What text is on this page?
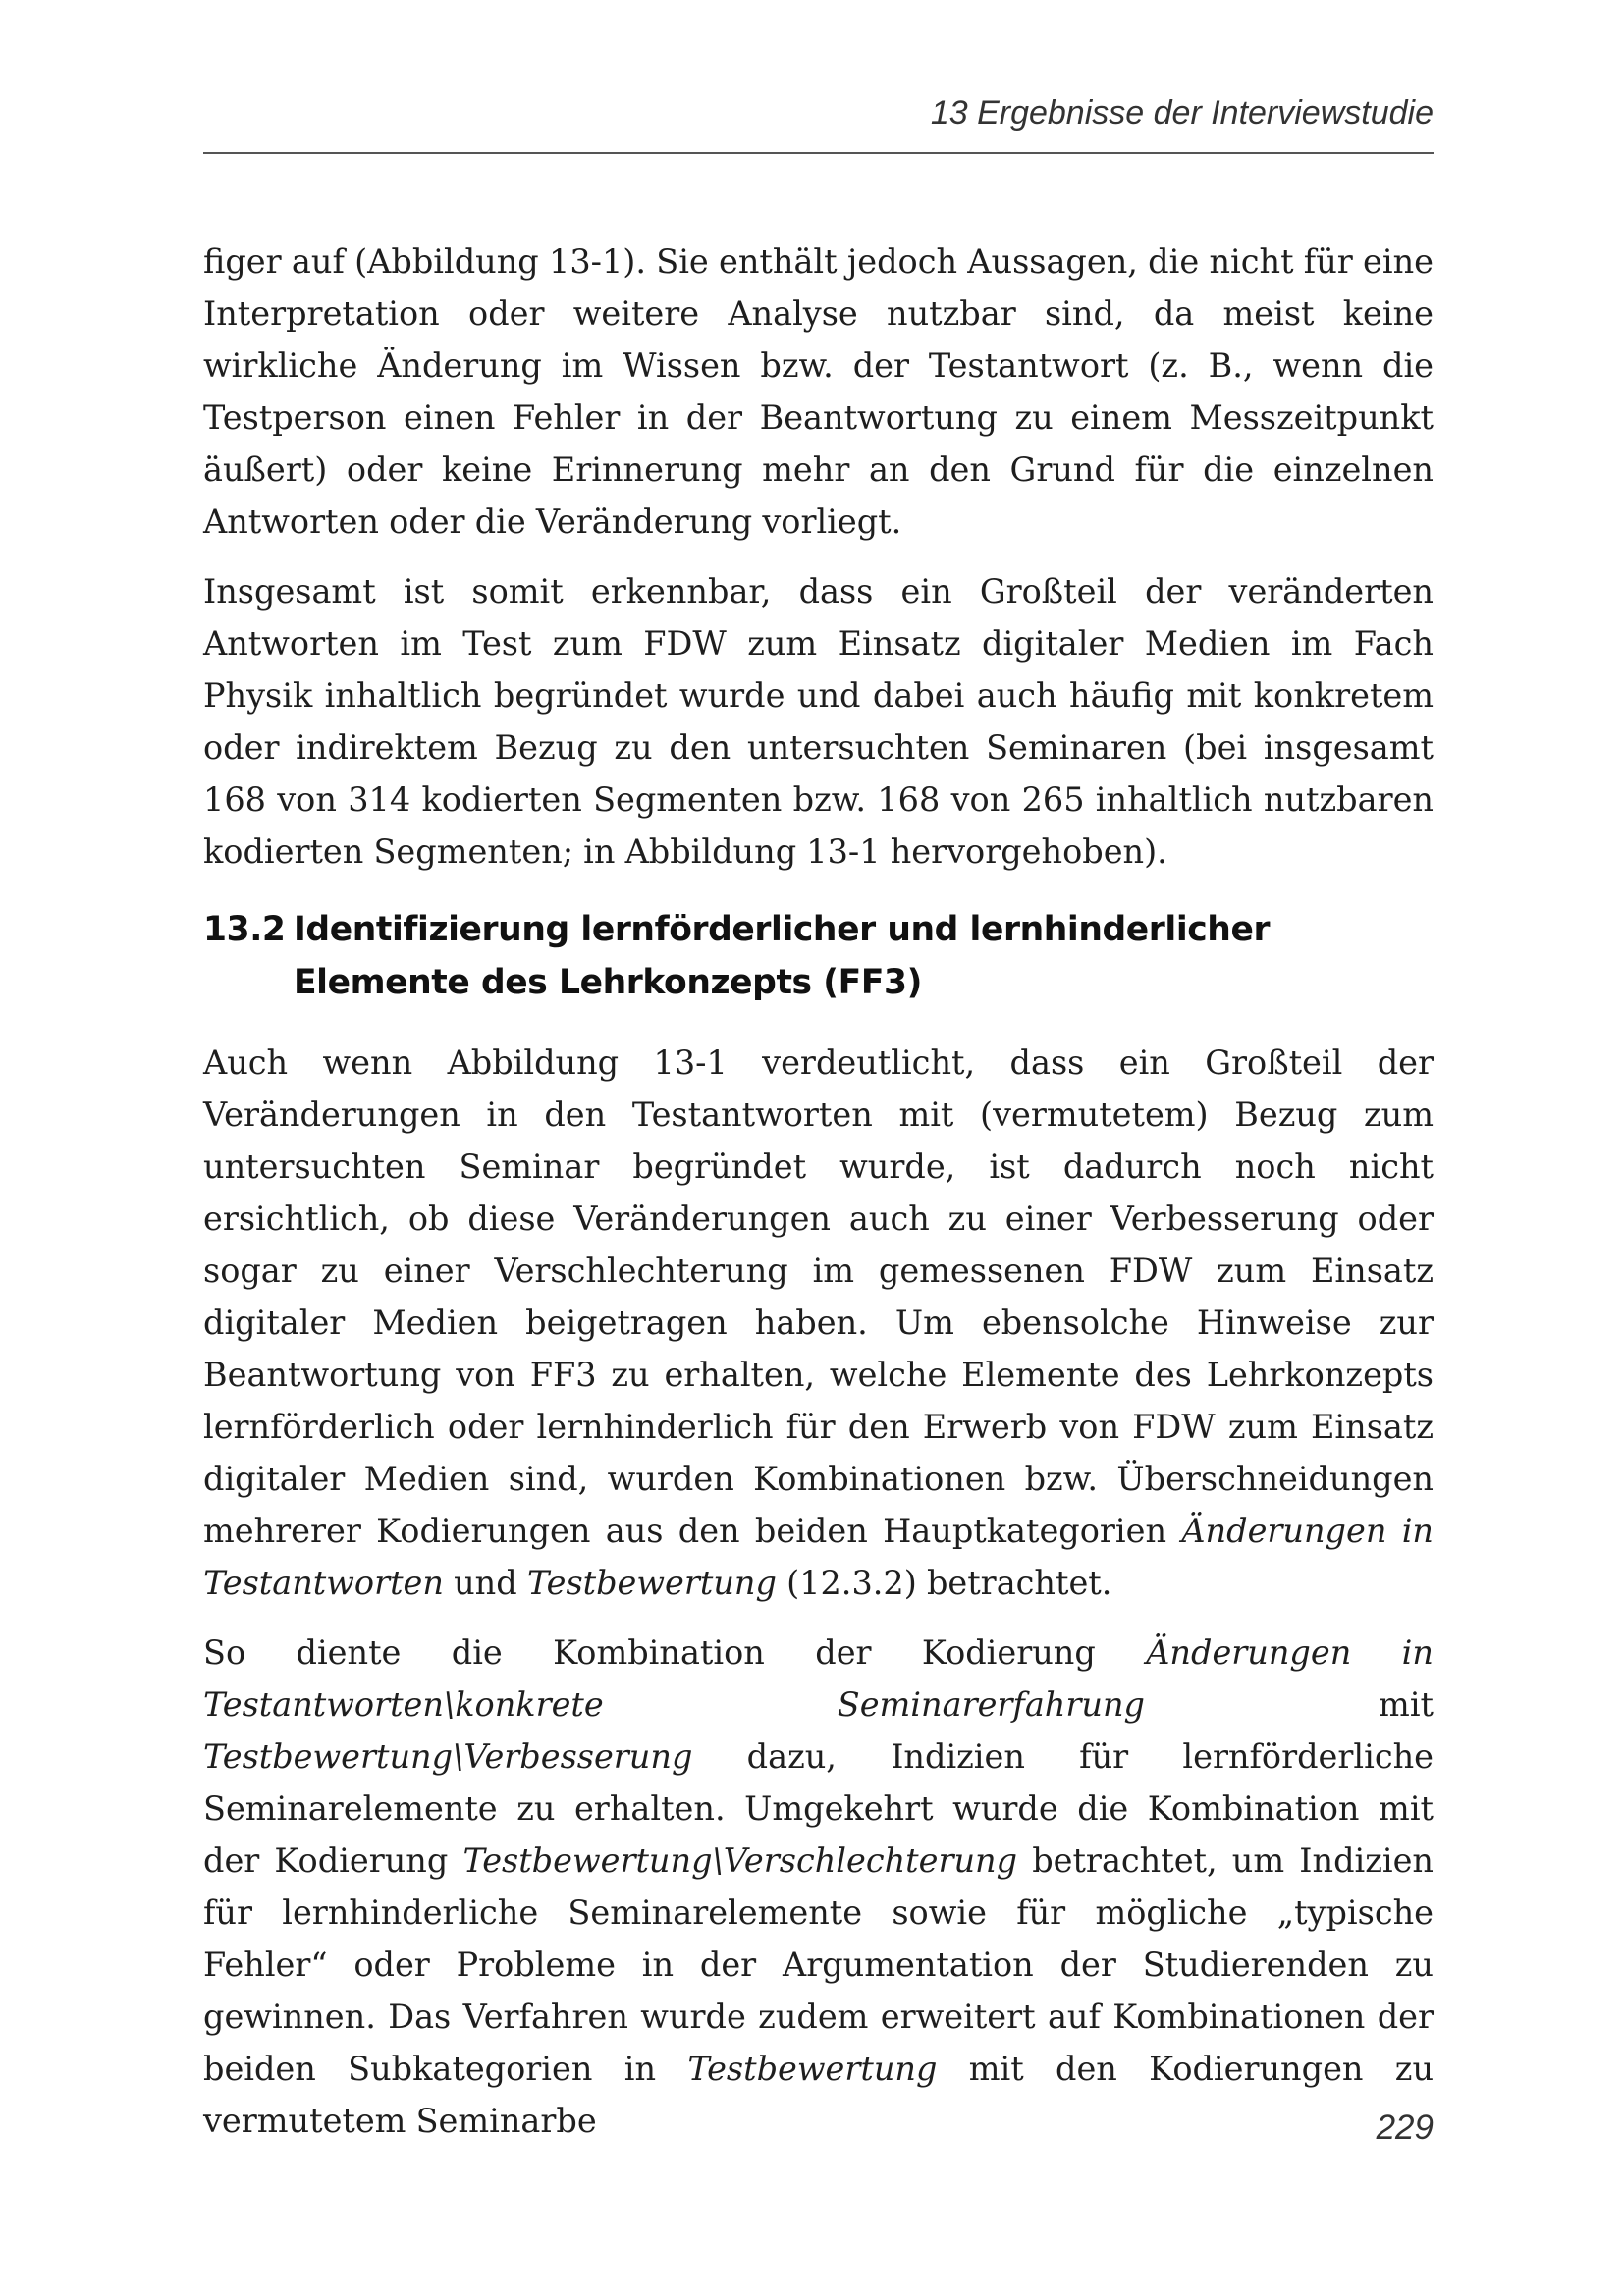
13 Ergebnisse der Interviewstudie

figer auf (Abbildung 13-1). Sie enthält jedoch Aussagen, die nicht für eine Interpretation oder weitere Analyse nutzbar sind, da meist keine wirkliche Änderung im Wissen bzw. der Testantwort (z. B., wenn die Testperson einen Fehler in der Beantwortung zu einem Messzeitpunkt äußert) oder keine Erinnerung mehr an den Grund für die einzelnen Antworten oder die Veränderung vorliegt.

Insgesamt ist somit erkennbar, dass ein Großteil der veränderten Antworten im Test zum FDW zum Einsatz digitaler Medien im Fach Physik inhaltlich begründet wurde und dabei auch häufig mit konkretem oder indirektem Bezug zu den untersuchten Seminaren (bei insgesamt 168 von 314 kodierten Segmenten bzw. 168 von 265 inhaltlich nutzbaren kodierten Segmenten; in Abbildung 13-1 hervorgehoben).

13.2 Identifizierung lernförderlicher und lernhinderlicher Elemente des Lehrkonzepts (FF3)

Auch wenn Abbildung 13-1 verdeutlicht, dass ein Großteil der Veränderungen in den Testantworten mit (vermutetem) Bezug zum untersuchten Seminar begründet wurde, ist dadurch noch nicht ersichtlich, ob diese Veränderungen auch zu einer Verbesserung oder sogar zu einer Verschlechterung im gemessenen FDW zum Einsatz digitaler Medien beigetragen haben. Um ebensolche Hinweise zur Beantwortung von FF3 zu erhalten, welche Elemente des Lehrkonzepts lernförderlich oder lernhinderlich für den Erwerb von FDW zum Einsatz digitaler Medien sind, wurden Kombinationen bzw. Überschneidungen mehrerer Kodierungen aus den beiden Hauptkategorien Änderungen in Testantworten und Testbewertung (12.3.2) betrachtet.

So diente die Kombination der Kodierung Änderungen in Testantworten\konkrete Seminarerfahrung	mit Testbewertung\Verbesserung dazu, Indizien für lernförderliche Seminarelemente zu erhalten. Umgekehrt wurde die Kombination mit der Kodierung Testbewertung\Verschlechterung betrachtet, um Indizien für lernhinderliche Seminarelemente sowie für mögliche „typische Fehler“ oder Probleme in der Argumentation der Studierenden zu gewinnen. Das Verfahren wurde zudem erweitert auf Kombinationen der beiden Subkategorien in Testbewertung mit den Kodierungen zu vermutetem Seminarbe	229
